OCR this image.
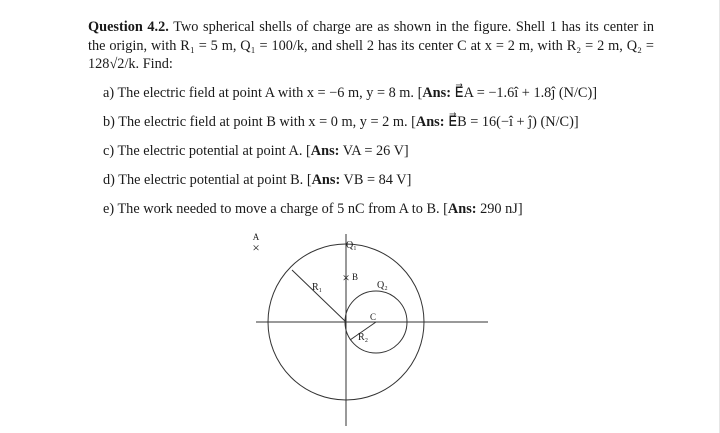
Question 4.2. Two spherical shells of charge are as shown in the figure. Shell 1 has its center in the origin, with R₁ = 5 m, Q₁ = 100/k, and shell 2 has its center C at x = 2 m, with R₂ = 2 m, Q₂ = 128√2/k. Find:
a) The electric field at point A with x = −6 m, y = 8 m. [Ans: E⃗A = −1.6î + 1.8ĵ (N/C)]
b) The electric field at point B with x = 0 m, y = 2 m. [Ans: E⃗B = 16(−î + ĵ) (N/C)]
c) The electric potential at point A. [Ans: VA = 26 V]
d) The electric potential at point B. [Ans: VB = 84 V]
e) The work needed to move a charge of 5 nC from A to B. [Ans: 290 nJ]
A
×
× B
Q₁
Q₂
R₁
R₂
C
